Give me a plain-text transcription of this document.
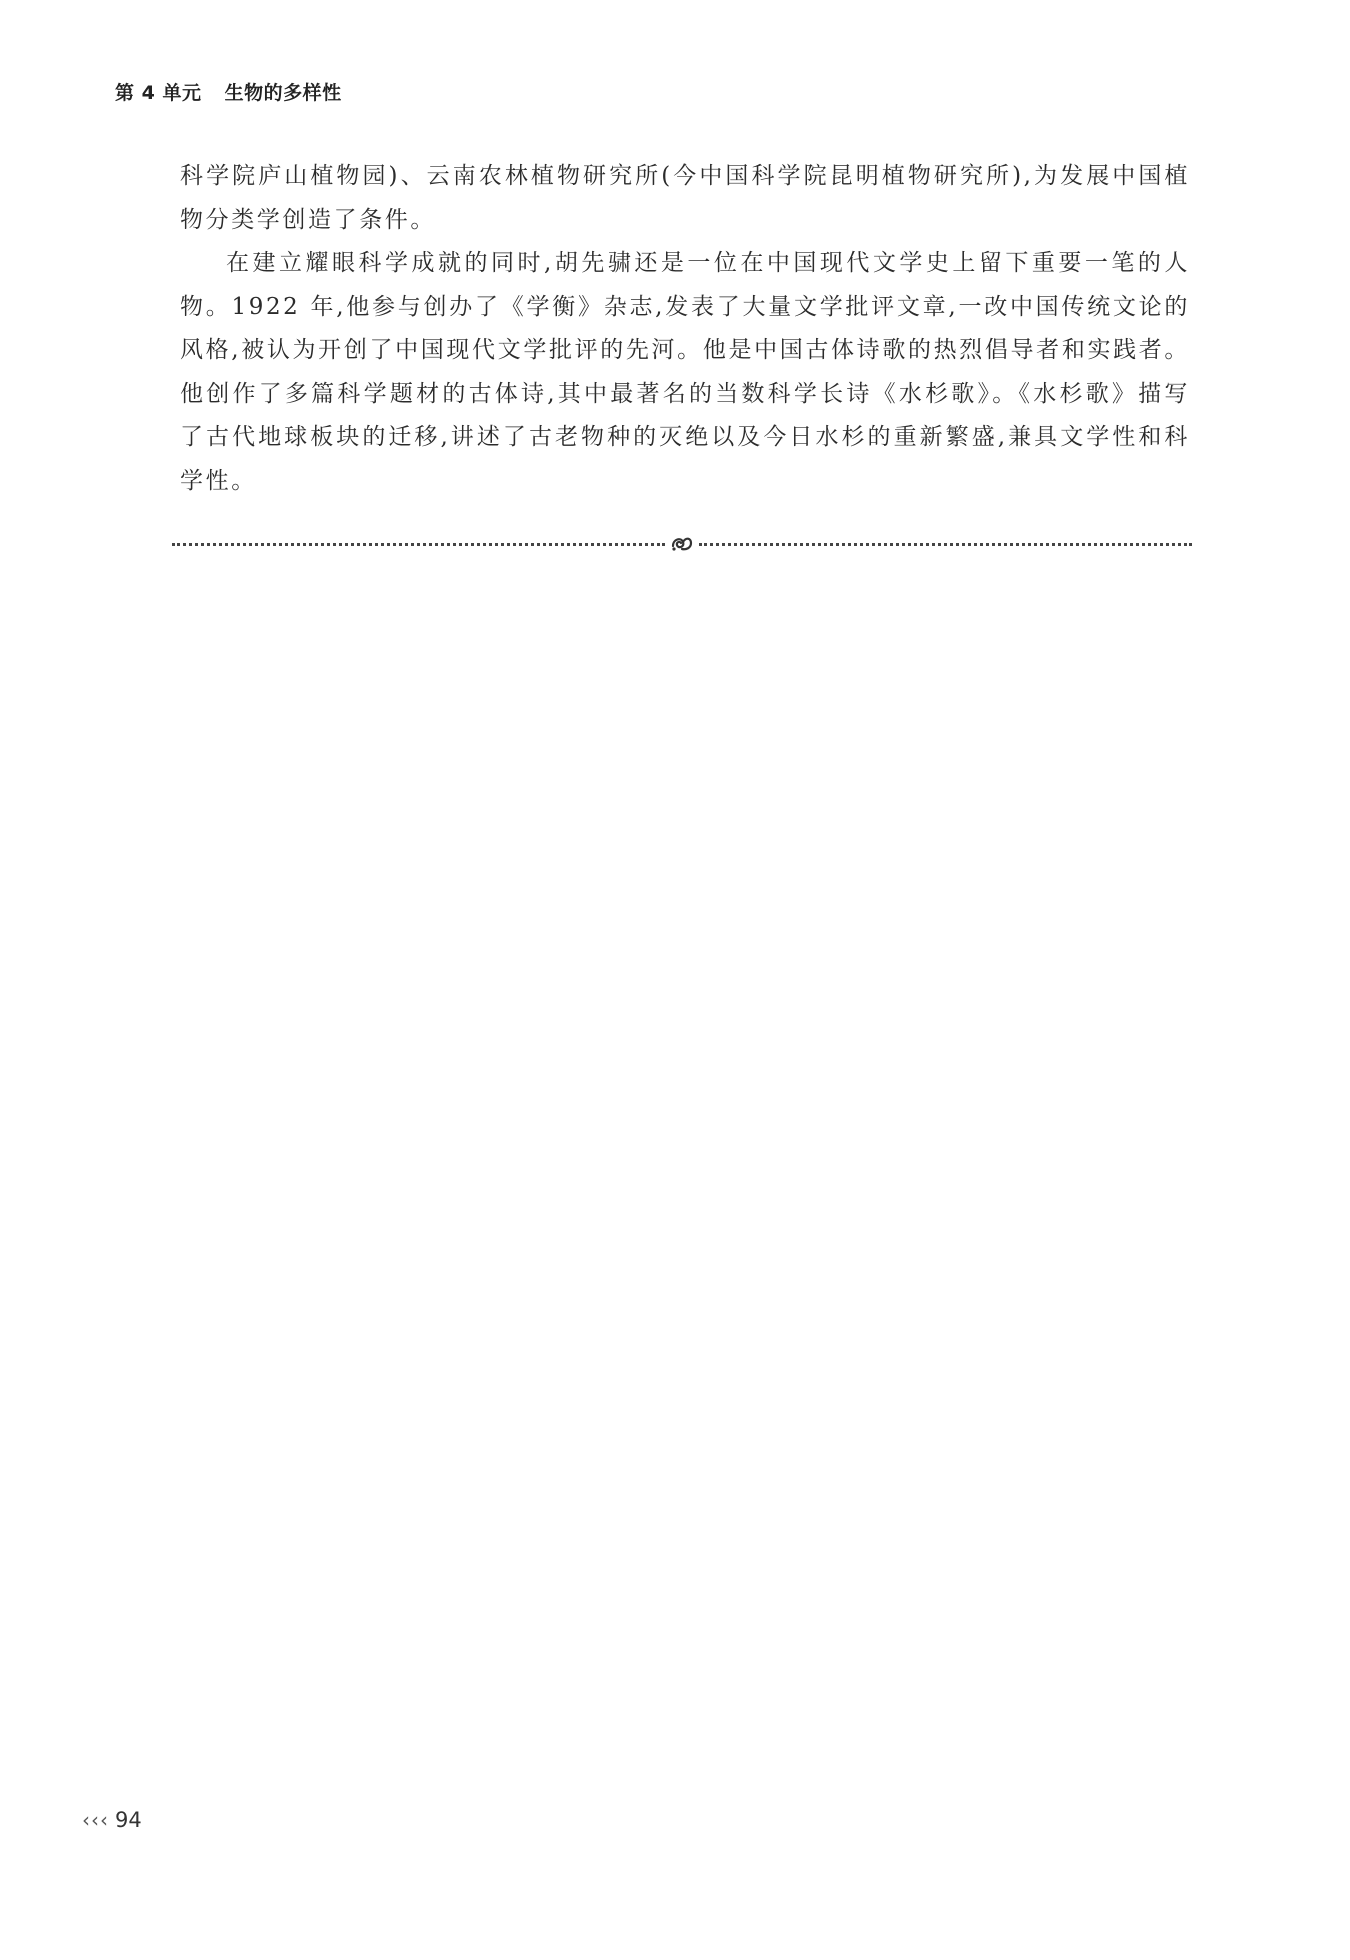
第 4 单元 生物的多样性

科学院庐山植物园)、云南农林植物研究所(今中国科学院昆明植物研究所),为发展中国植物分类学创造了条件。

在建立耀眼科学成就的同时,胡先骕还是一位在中国现代文学史上留下重要一笔的人物。1922 年,他参与创办了《学衡》杂志,发表了大量文学批评文章,一改中国传统文论的风格,被认为开创了中国现代文学批评的先河。他是中国古体诗歌的热烈倡导者和实践者。他创作了多篇科学题材的古体诗,其中最著名的当数科学长诗《水杉歌》。《水杉歌》描写了古代地球板块的迁移,讲述了古老物种的灭绝以及今日水杉的重新繁盛,兼具文学性和科学性。

‹‹‹ 94
